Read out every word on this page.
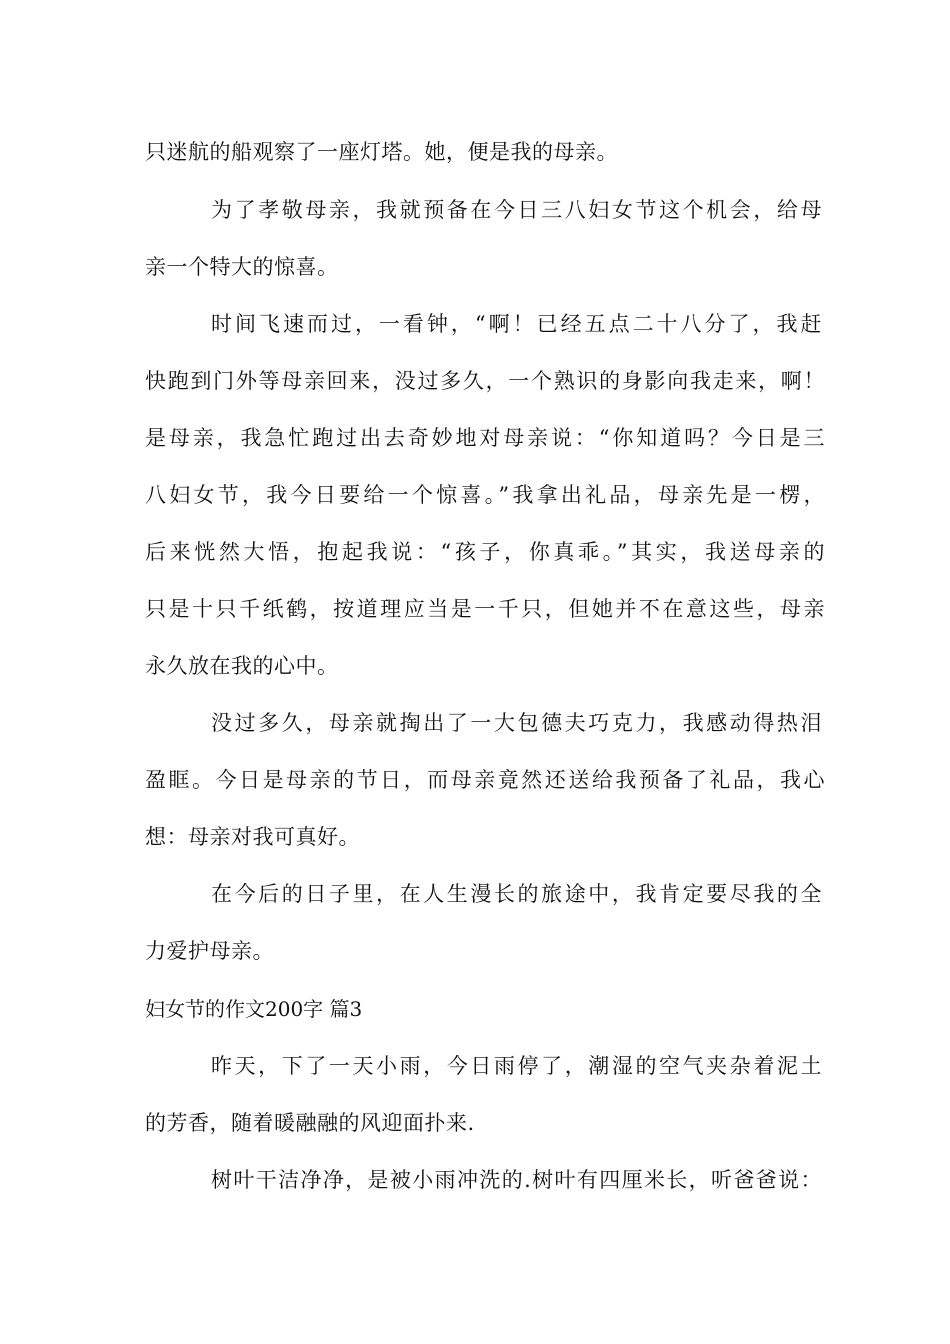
只迷航的船观察了一座灯塔。她，便是我的母亲。
为了孝敬母亲，我就预备在今日三八妇女节这个机会，给母
亲一个特大的惊喜。
时间飞速而过，一看钟，“啊！已经五点二十八分了，我赶
快跑到门外等母亲回来，没过多久，一个熟识的身影向我走来，啊！
是母亲，我急忙跑过出去奇妙地对母亲说：“你知道吗？今日是三
八妇女节，我今日要给一个惊喜。”我拿出礼品，母亲先是一楞，
后来恍然大悟，抱起我说：“孩子，你真乖。”其实，我送母亲的
只是十只千纸鹤，按道理应当是一千只，但她并不在意这些，母亲
永久放在我的心中。
没过多久，母亲就掏出了一大包德夫巧克力，我感动得热泪
盈眶。今日是母亲的节日，而母亲竟然还送给我预备了礼品，我心
想：母亲对我可真好。
在今后的日子里，在人生漫长的旅途中，我肯定要尽我的全
力爱护母亲。
妇女节的作文200字 篇3
昨天，下了一天小雨，今日雨停了，潮湿的空气夹杂着泥土
的芳香，随着暖融融的风迎面扑来.
树叶干洁净净，是被小雨冲洗的.树叶有四厘米长，听爸爸说：
